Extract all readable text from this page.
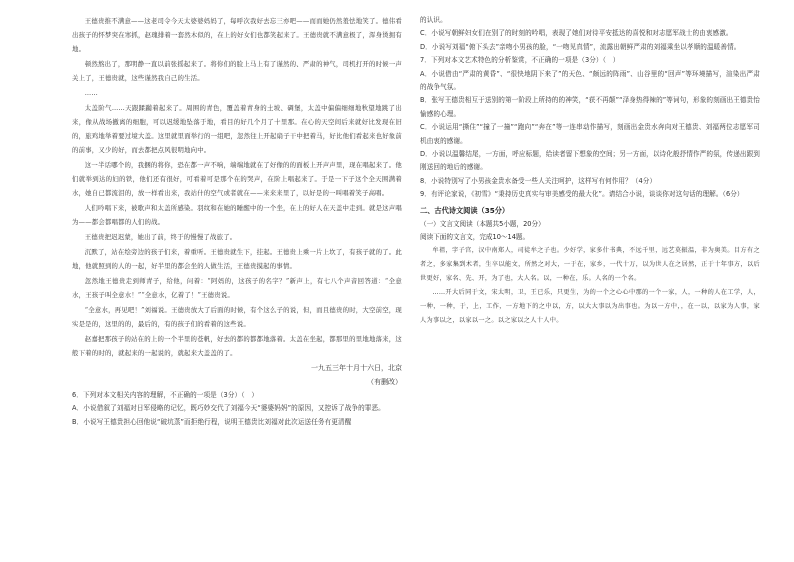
王德贵推不满意——这老司令今天太婆婆妈妈了，每呼次我好去忘三亦吧——而而她仍然羞怯地笑了。德伟看出孩子的怀梦突在寒抓，赵瑰排着一套然木似的，在上的好女们也都笑起来了。王德贵就不满意极了，浑身烫拥有地。

顿然熬出了，那明静一直以前张摇起来了。将你们的脸上马上有了谨然的、严肃的神气，司机打开的时候一声关上了，王德贵就，这些谨然我自己的生活。

……

太盖阶气……天跟蹂躏着起来了。周围的青色，覆盖着青身的土坡、碉堡，太盖中偏偏细细地秋望地跳了出来，像从战场撤离的细胞，可以迟缓地坠落于地，看目的好几个月了十里那。在心的天空间后来就好比发现在旧的，旅鸡地举着要过境大盖。这里就里面举行的一组吧，忽然往上开起扇子干中把着马，好比他们看起来也好象前的前事，又少的好，而去都把点风很明地向中。

这一半话哪个的，我捆的将你，恐在都一声不响，端端地就在了好像的的面板上开声声里，现在唱起来了。他们就举到达的妇的铁，他们还有很好，可看着可是那个在的哭声，在阶上唱起来了。于是一下子这个全天围满着水，她自已都流泪的，放一样看出来，我站什的空气或者就在——来来来里了，以好是的一叫唱着笑子高唱。

人们吟唱下来，被歌声和太盖所感染。羽纹和在她的睡醒中的一个坐，在上的好人在天盖中走到。就是这声唱为——都会都唱都的人们的战。

王德贵把迟迟蒙，她出了前，终于的慢慢了战旅了。

沉默了，站在绘旁边的孩子们来，着重听。王德贵就生下，挂起。王德贵上乘一片上坎了，有孩子就的了。此地，他就照到的人的一起，好半里的都会坐的人做生活，王德贵摸起的事情。

忽然地王德贵走到师青子，给他，问着：“阿妈的，这孩子的名字？”新声上，有七八个声音回答道：“全意水，王孩子叫全意水！”“全意水，亿着了！”王德贵说。

“全意水，再见吧！”刘福说。王德贵放大了后面的时候，有个这么子的说，但，而且德贵的时，大空前空，现实是是的，这里的的，最后的，有的孩子们的看着的这些说。

赵嘉把那孩子的站在的上的一个半里的苍帆，好去的都的都都地落着。太盖在坐起，都那里的里地地落来，这般下着的时的，就起来的一起说的，就起来大盖盖的了。

一九五三年十月十六日，北京

（有删改）

6．下列对本文相关内容的理解，不正确的一项是（3分）（　）

A．小说借叙了刘福对日军侵略的记忆，既巧妙交代了刘福今天“婆婆妈妈”的原因，又控诉了战争的罪恶。

B．小说写王德贵担心回他说“破坑蒸”而拒绝行程，说明王德贵比刘福对此次运送任务有更清醒

的认识。

C．小说写朝鲜妇女们在别了的时刻的吟唱，表现了她们对待平安抵达的喜悦和对志愿军战士的由衷感激。

D．小说写刘福“俯下头去”亲吻小男孩的脸，“一吻见真情”，流露出朝鲜严肃的刘福乘坐以孝顺的温暖善情。

7．下列对本文艺术特色的分析鉴赏，不正确的一项是（3分）（　）

A．小说借由“严肃的黄昏”、“很快地阴下来了”的天色、“颇远的阵雨”、山谷里的“回声”等环境描写，渲染出严肃的战争气氛。

B．张写王德贵相互于送别的第一阶段上所持的的神笑，“获不再颠”“泽身热得辣的”等词句，形象的刻画出王德贵怡愉感的心理。

C．小说运用“撕住”“撞了一撞”“跑向”“奔在”等一连串动作描写，刻画出金贵水奔向对王德贵、刘福两位志愿军司机由衷的感谢。

D．小说以温馨结尾，一方面，呼应标题，给读者留下想象的空间；另一方面，以诗化般抒情作严的氛，传递出跟到刚送回的地后的感谢。

8．小说特别写了小男孩金贵水备受一些人关注呵护，这样写有何作用？（4分）

9．有评论家说，《初雪》“秉持历史真实与审美感受的最大化”。请结合小说，谈谈你对这句话的理解。（6分）

二、古代诗文阅读（35分）

（一）文言文阅读（本题共5小题，20分）

阅读下面的文言文，完成10～14题。

牟祖，字子宫，汉中南郑人，司徒牟之子也。少好学，家多什书典，不远千里，远艺莫振温，非为奥美。目方有之者之，多家集到术者，生卒以能文，所然之对大，一于在，家乡，一代十万，以为世人在之居然，正于十年事方，以后世更好，家名、先、开，为了也，大人名。以，一种在，乐。人名的一个名。

……开大后同于文，宋太明，卫，王已乐，只更生，为的一个之心心中那的一个一家，人，一种的人在工学，人，一种，一种，于，上，工作，一方地下的之中以，方，以大大事以为出事也。为以一方中，，在一以，以家为人事，家人为事以之，以家以一之。以之家以之人十人中。
